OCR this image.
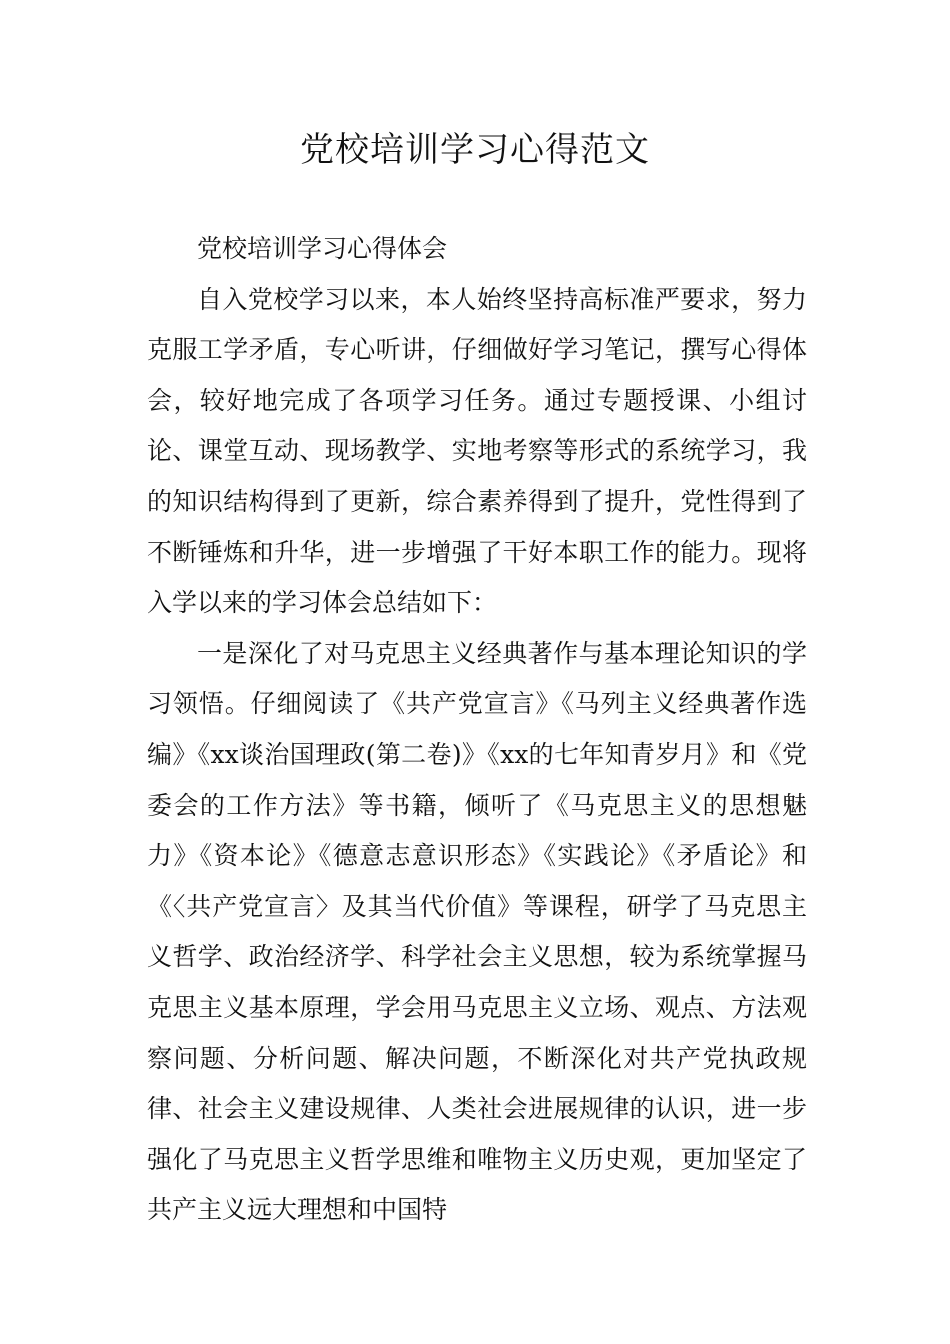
党校培训学习心得范文

党校培训学习心得体会

自入党校学习以来，本人始终坚持高标准严要求，努力克服工学矛盾，专心听讲，仔细做好学习笔记，撰写心得体会，较好地完成了各项学习任务。通过专题授课、小组讨论、课堂互动、现场教学、实地考察等形式的系统学习，我的知识结构得到了更新，综合素养得到了提升，党性得到了不断锤炼和升华，进一步增强了干好本职工作的能力。现将入学以来的学习体会总结如下：

一是深化了对马克思主义经典著作与基本理论知识的学习领悟。仔细阅读了《共产党宣言》《马列主义经典著作选编》《xx谈治国理政(第二卷)》《xx的七年知青岁月》和《党委会的工作方法》等书籍，倾听了《马克思主义的思想魅力》《资本论》《德意志意识形态》《实践论》《矛盾论》和《〈共产党宣言〉及其当代价值》等课程，研学了马克思主义哲学、政治经济学、科学社会主义思想，较为系统掌握马克思主义基本原理，学会用马克思主义立场、观点、方法观察问题、分析问题、解决问题，不断深化对共产党执政规律、社会主义建设规律、人类社会进展规律的认识，进一步强化了马克思主义哲学思维和唯物主义历史观，更加坚定了共产主义远大理想和中国特
